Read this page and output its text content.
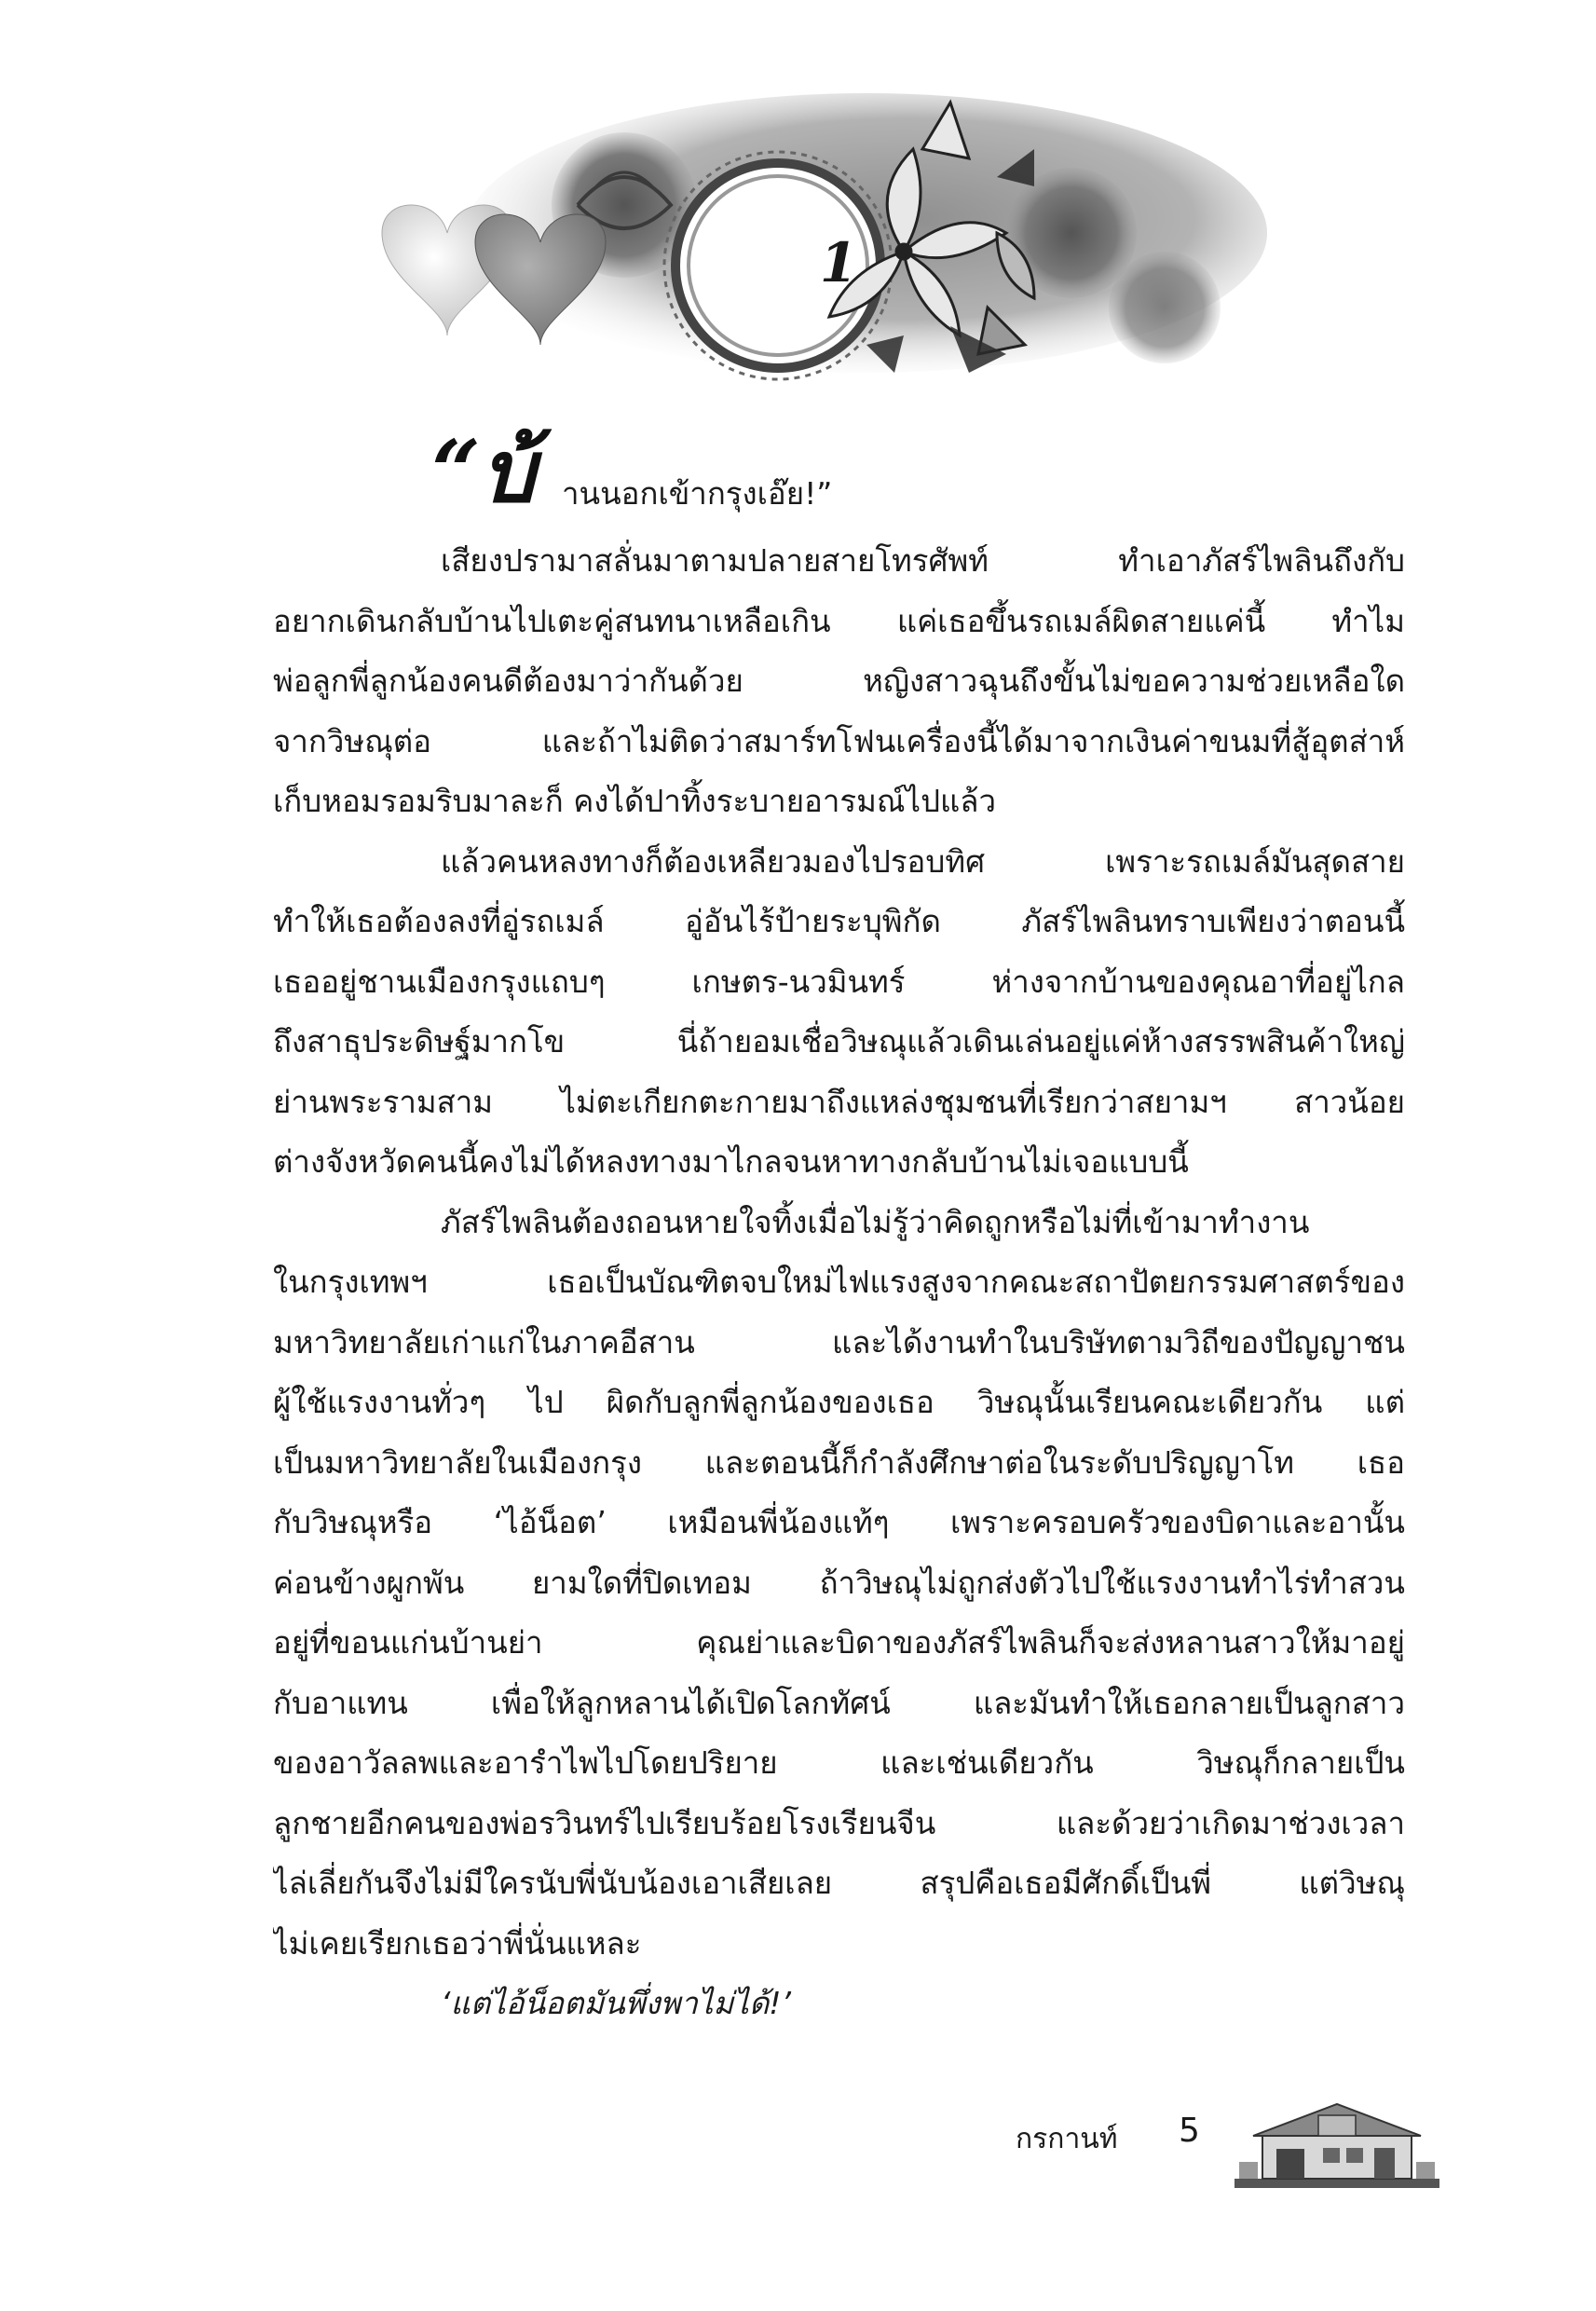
1
“บ้ านนอกเข้ากรุงเอ๊ย!”
เสียงปรามาสลั่นมาตามปลายสายโทรศัพท์ ทำเอาภัสร์ไพลินถึงกับ
อยากเดินกลับบ้านไปเตะคู่สนทนาเหลือเกิน แค่เธอขึ้นรถเมล์ผิดสายแค่นี้ ทำไม
พ่อลูกพี่ลูกน้องคนดีต้องมาว่ากันด้วย หญิงสาวฉุนถึงขั้นไม่ขอความช่วยเหลือใด
จากวิษณุต่อ และถ้าไม่ติดว่าสมาร์ทโฟนเครื่องนี้ได้มาจากเงินค่าขนมที่สู้อุตส่าห์
เก็บหอมรอมริบมาละก็ คงได้ปาทิ้งระบายอารมณ์ไปแล้ว
แล้วคนหลงทางก็ต้องเหลียวมองไปรอบทิศ เพราะรถเมล์มันสุดสาย
ทำให้เธอต้องลงที่อู่รถเมล์ อู่อันไร้ป้ายระบุพิกัด ภัสร์ไพลินทราบเพียงว่าตอนนี้
เธออยู่ชานเมืองกรุงแถบๆ เกษตร-นวมินทร์ ห่างจากบ้านของคุณอาที่อยู่ไกล
ถึงสาธุประดิษฐ์มากโข นี่ถ้ายอมเชื่อวิษณุแล้วเดินเล่นอยู่แค่ห้างสรรพสินค้าใหญ่
ย่านพระรามสาม ไม่ตะเกียกตะกายมาถึงแหล่งชุมชนที่เรียกว่าสยามฯ สาวน้อย
ต่างจังหวัดคนนี้คงไม่ได้หลงทางมาไกลจนหาทางกลับบ้านไม่เจอแบบนี้
ภัสร์ไพลินต้องถอนหายใจทิ้งเมื่อไม่รู้ว่าคิดถูกหรือไม่ที่เข้ามาทำงาน
ในกรุงเทพฯ เธอเป็นบัณฑิตจบใหม่ไฟแรงสูงจากคณะสถาปัตยกรรมศาสตร์ของ
มหาวิทยาลัยเก่าแก่ในภาคอีสาน และได้งานทำในบริษัทตามวิถีของปัญญาชน
ผู้ใช้แรงงานทั่วๆ ไป ผิดกับลูกพี่ลูกน้องของเธอ วิษณุนั้นเรียนคณะเดียวกัน แต่
เป็นมหาวิทยาลัยในเมืองกรุง และตอนนี้ก็กำลังศึกษาต่อในระดับปริญญาโท เธอ
กับวิษณุหรือ ‘ไอ้น็อต’ เหมือนพี่น้องแท้ๆ เพราะครอบครัวของบิดาและอานั้น
ค่อนข้างผูกพัน ยามใดที่ปิดเทอม ถ้าวิษณุไม่ถูกส่งตัวไปใช้แรงงานทำไร่ทำสวน
อยู่ที่ขอนแก่นบ้านย่า คุณย่าและบิดาของภัสร์ไพลินก็จะส่งหลานสาวให้มาอยู่
กับอาแทน เพื่อให้ลูกหลานได้เปิดโลกทัศน์ และมันทำให้เธอกลายเป็นลูกสาว
ของอาวัลลพและอารำไพไปโดยปริยาย และเช่นเดียวกัน วิษณุก็กลายเป็น
ลูกชายอีกคนของพ่อรวินทร์ไปเรียบร้อยโรงเรียนจีน และด้วยว่าเกิดมาช่วงเวลา
ไล่เลี่ยกันจึงไม่มีใครนับพี่นับน้องเอาเสียเลย สรุปคือเธอมีศักดิ์เป็นพี่ แต่วิษณุ
ไม่เคยเรียกเธอว่าพี่นั่นแหละ
‘แต่ไอ้น็อตมันพึ่งพาไม่ได้!’
กรกานท์ 5
